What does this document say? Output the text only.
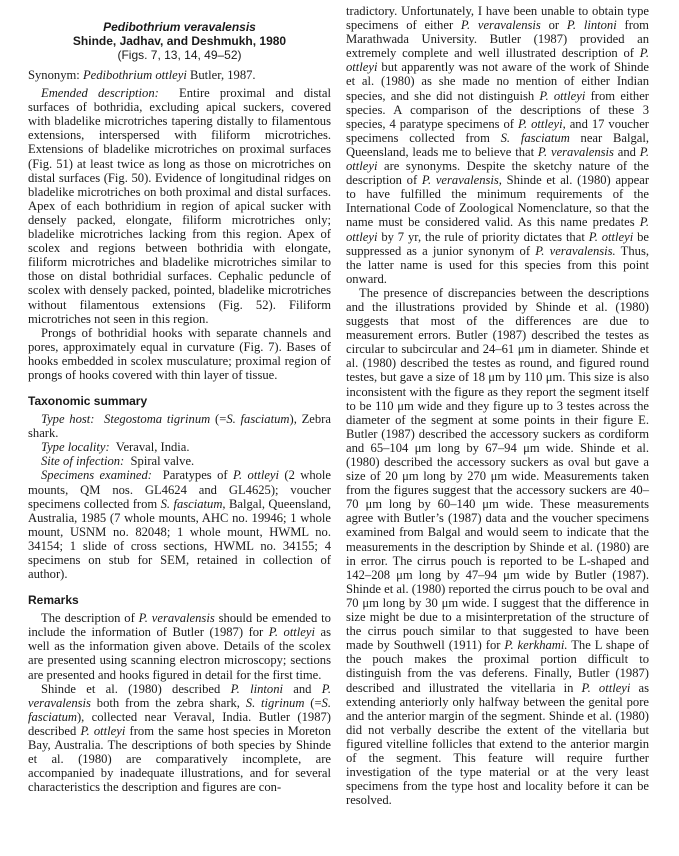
Pedibothrium veravalensis
Shinde, Jadhav, and Deshmukh, 1980
(Figs. 7, 13, 14, 49–52)

Synonym: Pedibothrium ottleyi Butler, 1987.

Emended description: Entire proximal and distal surfaces of bothridia, excluding apical suckers, covered with bladelike microtriches tapering distally to filamentous extensions, interspersed with filiform microtriches. Extensions of bladelike microtriches on proximal surfaces (Fig. 51) at least twice as long as those on microtriches on distal surfaces (Fig. 50). Evidence of longitudinal ridges on bladelike microtriches on both proximal and distal surfaces. Apex of each bothridium in region of apical sucker with densely packed, elongate, filiform microtriches only; bladelike microtriches lacking from this region. Apex of scolex and regions between bothridia with elongate, filiform microtriches and bladelike microtriches similar to those on distal bothridial surfaces. Cephalic peduncle of scolex with densely packed, pointed, bladelike microtriches without filamentous extensions (Fig. 52). Filiform microtriches not seen in this region.

Prongs of bothridial hooks with separate channels and pores, approximately equal in curvature (Fig. 7). Bases of hooks embedded in scolex musculature; proximal region of prongs of hooks covered with thin layer of tissue.

Taxonomic summary

Type host: Stegostoma tigrinum (=S. fasciatum), Zebra shark.

Type locality: Veraval, India.

Site of infection: Spiral valve.

Specimens examined: Paratypes of P. ottleyi (2 whole mounts, QM nos. GL4624 and GL4625); voucher specimens collected from S. fasciatum, Balgal, Queensland, Australia, 1985 (7 whole mounts, AHC no. 19946; 1 whole mount, USNM no. 82048; 1 whole mount, HWML no. 34154; 1 slide of cross sections, HWML no. 34155; 4 specimens on stub for SEM, retained in collection of author).

Remarks

The description of P. veravalensis should be emended to include the information of Butler (1987) for P. ottleyi as well as the information given above. Details of the scolex are presented using scanning electron microscopy; sections are presented and hooks figured in detail for the first time.

Shinde et al. (1980) described P. lintoni and P. veravalensis both from the zebra shark, S. tigrinum (=S. fasciatum), collected near Veraval, India. Butler (1987) described P. ottleyi from the same host species in Moreton Bay, Australia. The descriptions of both species by Shinde et al. (1980) are comparatively incomplete, are accompanied by inadequate illustrations, and for several characteristics the description and figures are con-

tradictory. Unfortunately, I have been unable to obtain type specimens of either P. veravalensis or P. lintoni from Marathwada University. Butler (1987) provided an extremely complete and well illustrated description of P. ottleyi but apparently was not aware of the work of Shinde et al. (1980) as she made no mention of either Indian species, and she did not distinguish P. ottleyi from either species. A comparison of the descriptions of these 3 species, 4 paratype specimens of P. ottleyi, and 17 voucher specimens collected from S. fasciatum near Balgal, Queensland, leads me to believe that P. veravalensis and P. ottleyi are synonyms. Despite the sketchy nature of the description of P. veravalensis, Shinde et al. (1980) appear to have fulfilled the minimum requirements of the International Code of Zoological Nomenclature, so that the name must be considered valid. As this name predates P. ottleyi by 7 yr, the rule of priority dictates that P. ottleyi be suppressed as a junior synonym of P. veravalensis. Thus, the latter name is used for this species from this point onward.

The presence of discrepancies between the descriptions and the illustrations provided by Shinde et al. (1980) suggests that most of the differences are due to measurement errors. Butler (1987) described the testes as circular to subcircular and 24–61 μm in diameter. Shinde et al. (1980) described the testes as round, and figured round testes, but gave a size of 18 μm by 110 μm. This size is also inconsistent with the figure as they report the segment itself to be 110 μm wide and they figure up to 3 testes across the diameter of the segment at some points in their figure E. Butler (1987) described the accessory suckers as cordiform and 65–104 μm long by 67–94 μm wide. Shinde et al. (1980) described the accessory suckers as oval but gave a size of 20 μm long by 270 μm wide. Measurements taken from the figures suggest that the accessory suckers are 40–70 μm long by 60–140 μm wide. These measurements agree with Butler’s (1987) data and the voucher specimens examined from Balgal and would seem to indicate that the measurements in the description by Shinde et al. (1980) are in error. The cirrus pouch is reported to be L-shaped and 142–208 μm long by 47–94 μm wide by Butler (1987). Shinde et al. (1980) reported the cirrus pouch to be oval and 70 μm long by 30 μm wide. I suggest that the difference in size might be due to a misinterpretation of the structure of the cirrus pouch similar to that suggested to have been made by Southwell (1911) for P. kerkhami. The L shape of the pouch makes the proximal portion difficult to distinguish from the vas deferens. Finally, Butler (1987) described and illustrated the vitellaria in P. ottleyi as extending anteriorly only halfway between the genital pore and the anterior margin of the segment. Shinde et al. (1980) did not verbally describe the extent of the vitellaria but figured vitelline follicles that extend to the anterior margin of the segment. This feature will require further investigation of the type material or at the very least specimens from the type host and locality before it can be resolved.
